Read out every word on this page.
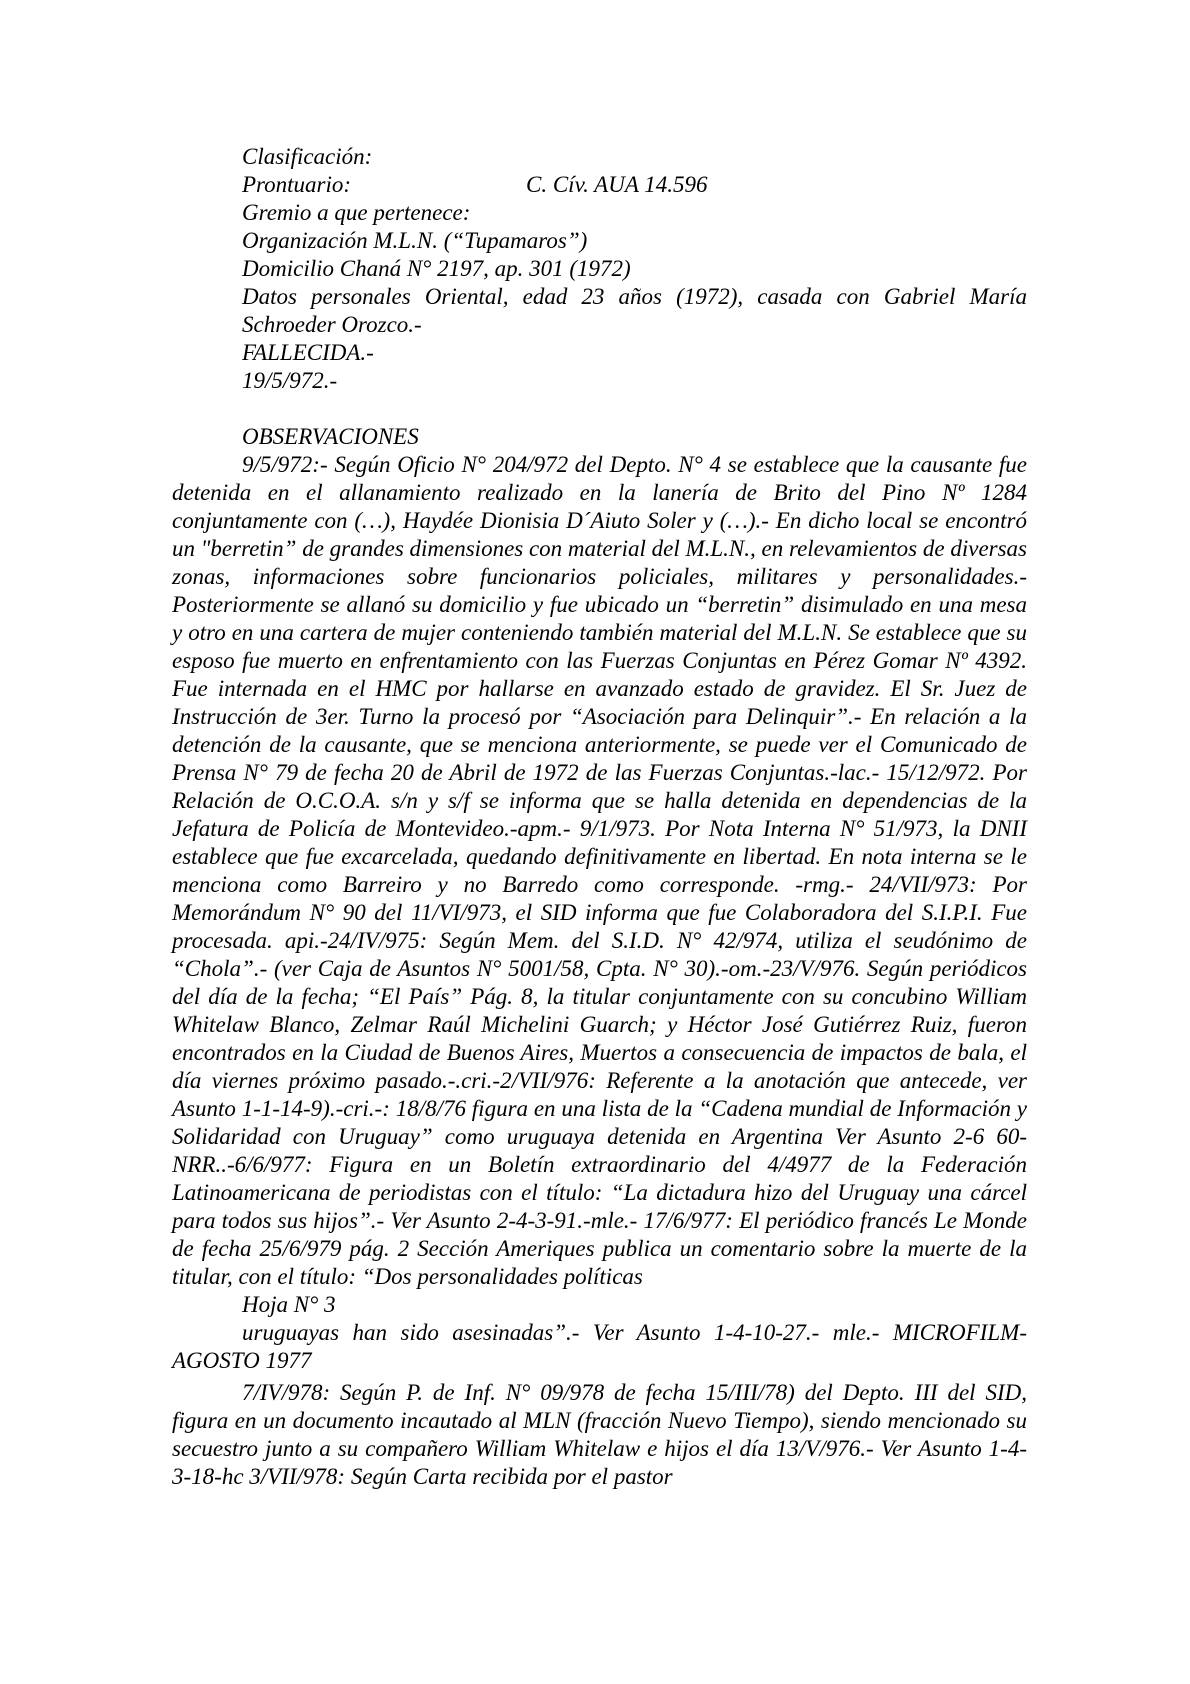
Clasificación:
Prontuario:	C. Cív. AUA 14.596
Gremio a que pertenece:
Organización M.L.N. (“Tupamaros”)
Domicilio Chaná N° 2197, ap. 301 (1972)

Datos personales Oriental, edad 23 años (1972), casada con Gabriel María Schroeder Orozco.-

FALLECIDA.-
19/5/972.-
OBSERVACIONES

9/5/972:- Según Oficio N° 204/972 del Depto. N° 4 se establece que la causante fue detenida en el allanamiento realizado en la lanería de Brito del Pino Nº 1284 conjuntamente con (…), Haydée Dionisia D´Aiuto Soler y (…).- En dicho local se encontró un "berretin” de grandes dimensiones con material del M.L.N., en relevamientos de diversas zonas, informaciones sobre funcionarios policiales, militares y personalidades.- Posteriormente se allanó su domicilio y fue ubicado un “berretin” disimulado en una mesa y otro en una cartera de mujer conteniendo también material del M.L.N. Se establece que su esposo fue muerto en enfrentamiento con las Fuerzas Conjuntas en Pérez Gomar Nº 4392. Fue internada en el HMC por hallarse en avanzado estado de gravidez. El Sr. Juez de Instrucción de 3er. Turno la procesó por “Asociación para Delinquir”.- En relación a la detención de la causante, que se menciona anteriormente, se puede ver el Comunicado de Prensa N° 79 de fecha 20 de Abril de 1972 de las Fuerzas Conjuntas.-lac.- 15/12/972. Por Relación de O.C.O.A. s/n y s/f se informa que se halla detenida en dependencias de la Jefatura de Policía de Montevideo.-apm.- 9/1/973. Por Nota Interna N° 51/973, la DNII establece que fue excarcelada, quedando definitivamente en libertad. En nota interna se le menciona como Barreiro y no Barredo como corresponde. -rmg.- 24/VII/973: Por Memorándum N° 90 del 11/VI/973, el SID informa que fue Colaboradora del S.I.P.I. Fue procesada. api.-24/IV/975: Según Mem. del S.I.D. N° 42/974, utiliza el seudónimo de “Chola”.- (ver Caja de Asuntos N° 5001/58, Cpta. N° 30).-om.-23/V/976. Según periódicos del día de la fecha; “El País” Pág. 8, la titular conjuntamente con su concubino William Whitelaw Blanco, Zelmar Raúl Michelini Guarch; y Héctor José Gutiérrez Ruiz, fueron encontrados en la Ciudad de Buenos Aires, Muertos a consecuencia de impactos de bala, el día viernes próximo pasado.-.cri.-2/VII/976: Referente a la anotación que antecede, ver Asunto 1-1-14-9).-cri.-: 18/8/76 figura en una lista de la “Cadena mundial de Información y Solidaridad con Uruguay” como uruguaya detenida en Argentina Ver Asunto 2-6 60- NRR..-6/6/977: Figura en un Boletín extraordinario del 4/4977 de la Federación Latinoamericana de periodistas con el título: “La dictadura hizo del Uruguay una cárcel para todos sus hijos”.- Ver Asunto 2-4-3-91.-mle.- 17/6/977: El periódico francés Le Monde de fecha 25/6/979 pág. 2 Sección Ameriques publica un comentario sobre la muerte de la titular, con el título: “Dos personalidades políticas

Hoja N° 3

uruguayas han sido asesinadas”.- Ver Asunto 1-4-10-27.- mle.- MICROFILM-AGOSTO 1977

7/IV/978: Según P. de Inf. N° 09/978 de fecha 15/III/78) del Depto. III del SID, figura en un documento incautado al MLN (fracción Nuevo Tiempo), siendo mencionado su secuestro junto a su compañero William Whitelaw e hijos el día 13/V/976.- Ver Asunto 1-4-3-18-hc 3/VII/978: Según Carta recibida por el pastor
